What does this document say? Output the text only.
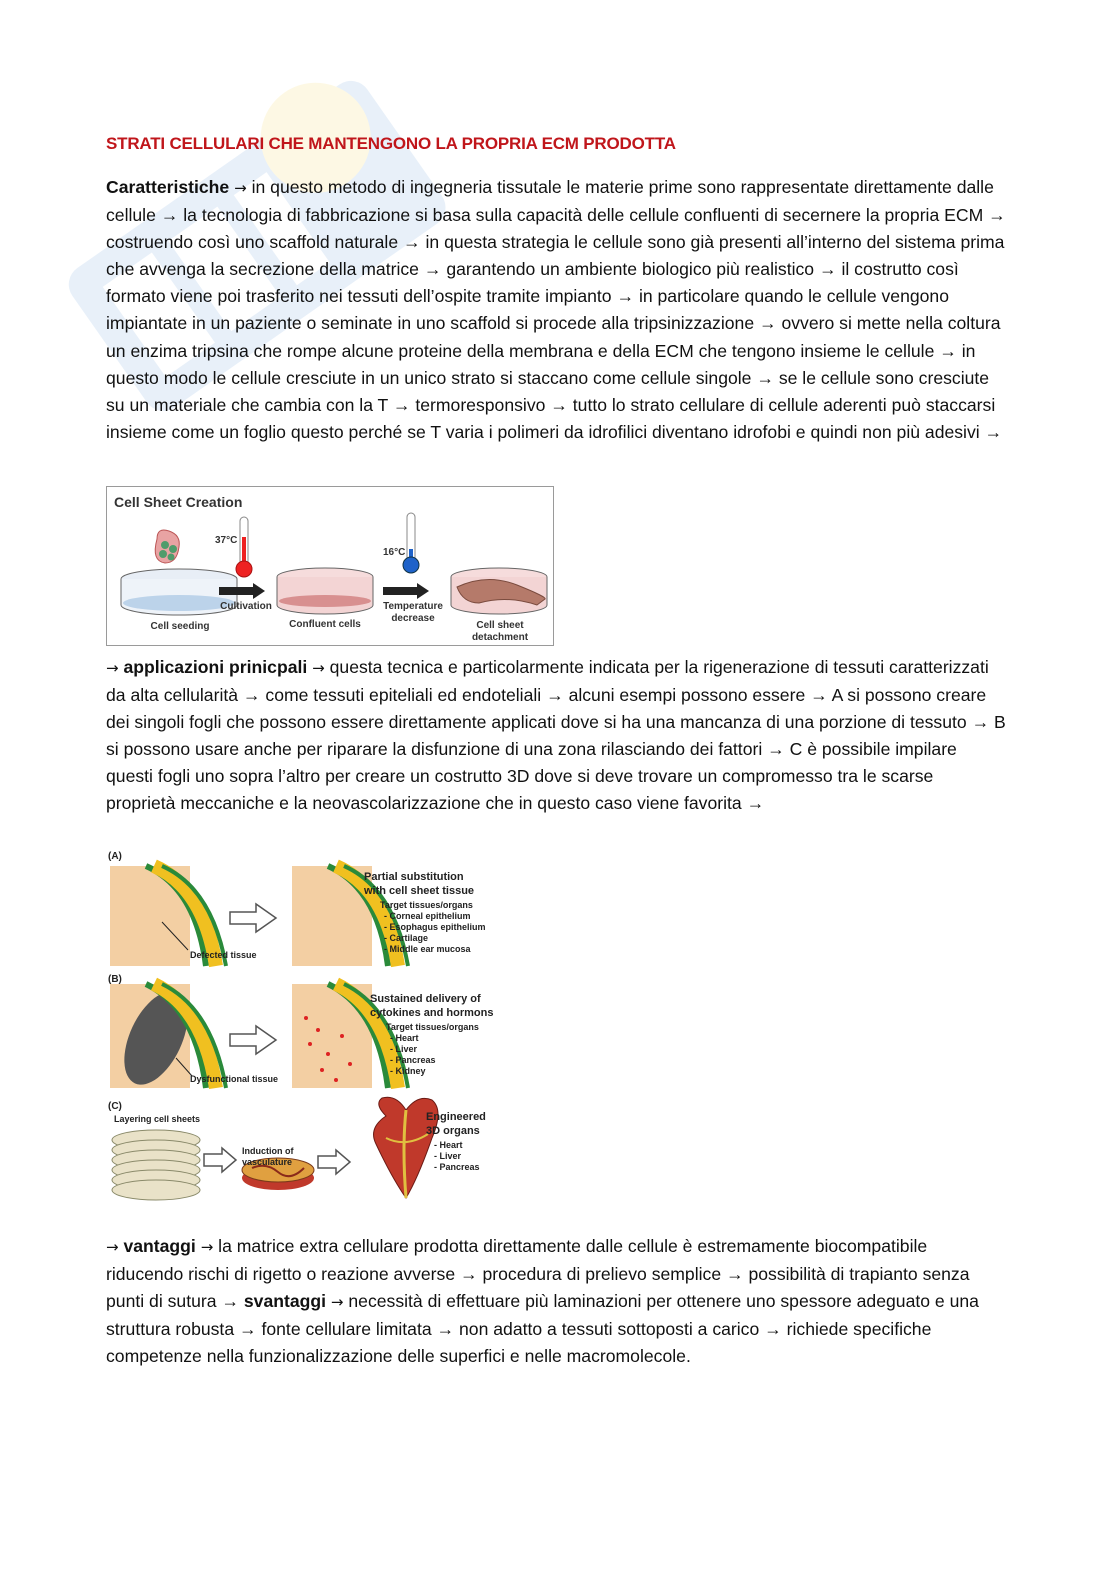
STRATI CELLULARI CHE MANTENGONO LA PROPRIA ECM PRODOTTA
Caratteristiche → in questo metodo di ingegneria tissutale le materie prime sono rappresentate direttamente dalle cellule → la tecnologia di fabbricazione si basa sulla capacità delle cellule confluenti di secernere la propria ECM → costruendo così uno scaffold naturale → in questa strategia le cellule sono già presenti all’interno del sistema prima che avvenga la secrezione della matrice → garantendo un ambiente biologico più realistico → il costrutto così formato viene poi trasferito nei tessuti dell’ospite tramite impianto → in particolare quando le cellule vengono impiantate in un paziente o seminate in uno scaffold si procede alla tripsinizzazione → ovvero si mette nella coltura un enzima tripsina che rompe alcune proteine della membrana e della ECM che tengono insieme le cellule → in questo modo le cellule cresciute in un unico strato si staccano come cellule singole → se le cellule sono cresciute su un materiale che cambia con la T → termoresponsivo → tutto lo strato cellulare di cellule aderenti può staccarsi insieme come un foglio questo perché se T varia i polimeri da idrofilici diventano idrofobi e quindi non più adesivi →
Cell Sheet Creation
37°C
16°C
Cell seeding
Cultivation
Confluent cells
Temperature
decrease
Cell sheet
detachment
→ applicazioni prinicpali → questa tecnica e particolarmente indicata per la rigenerazione di tessuti caratterizzati da alta cellularità → come tessuti epiteliali ed endoteliali → alcuni esempi possono essere → A si possono creare dei singoli fogli che possono essere direttamente applicati dove si ha una mancanza di una porzione di tessuto → B si possono usare anche per riparare la disfunzione di una zona rilasciando dei fattori → C è possibile impilare questi fogli uno sopra l’altro per creare un costrutto 3D dove si deve trovare un compromesso tra le scarse proprietà meccaniche e la neovascolarizzazione che in questo caso viene favorita →
(A)
Defected tissue
Partial substitution
with cell sheet tissue
Target tissues/organs
- Corneal epithelium
- Esophagus epithelium
- Cartilage
- Middle ear mucosa
(B)
Dysfunctional tissue
Sustained delivery of
cytokines and hormons
Target tissues/organs
- Heart
- Liver
- Pancreas
- Kidney
(C)
Layering cell sheets
Induction of
vasculature
Engineered
3D organs
- Heart
- Liver
- Pancreas
→ vantaggi → la matrice extra cellulare prodotta direttamente dalle cellule è estremamente biocompatibile riducendo rischi di rigetto o reazione avverse → procedura di prelievo semplice → possibilità di trapianto senza punti di sutura → svantaggi → necessità di effettuare più laminazioni per ottenere uno spessore adeguato e una struttura robusta → fonte cellulare limitata → non adatto a tessuti sottoposti a carico → richiede specifiche competenze nella funzionalizzazione delle superfici e nelle macromolecole.
